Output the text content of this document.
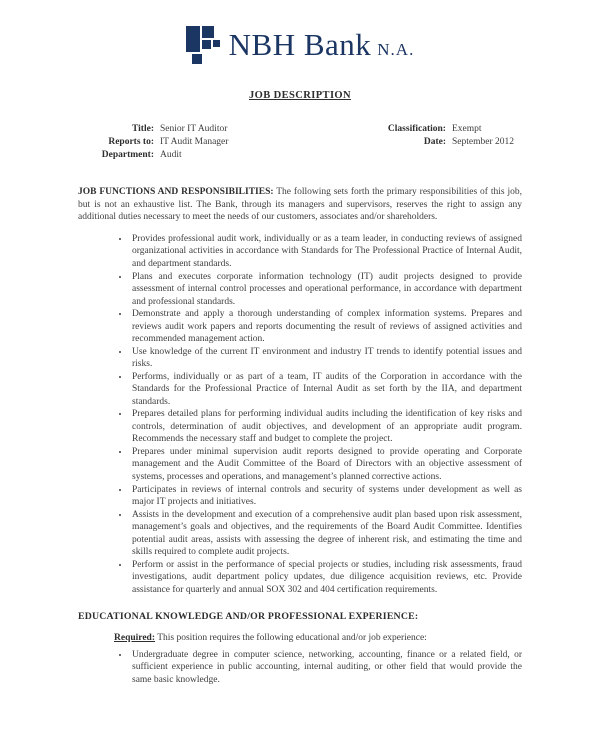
NBH Bank N.A.
JOB DESCRIPTION
Title: Senior IT Auditor
Reports to: IT Audit Manager
Department: Audit
Classification: Exempt
Date: September 2012

JOB FUNCTIONS AND RESPONSIBILITIES: The following sets forth the primary responsibilities of this job, but is not an exhaustive list. The Bank, through its managers and supervisors, reserves the right to assign any additional duties necessary to meet the needs of our customers, associates and/or shareholders.

• Provides professional audit work, individually or as a team leader, in conducting reviews of assigned organizational activities in accordance with Standards for The Professional Practice of Internal Audit, and department standards.
• Plans and executes corporate information technology (IT) audit projects designed to provide assessment of internal control processes and operational performance, in accordance with department and professional standards.
• Demonstrate and apply a thorough understanding of complex information systems. Prepares and reviews audit work papers and reports documenting the result of reviews of assigned activities and recommended management action.
• Use knowledge of the current IT environment and industry IT trends to identify potential issues and risks.
• Performs, individually or as part of a team, IT audits of the Corporation in accordance with the Standards for the Professional Practice of Internal Audit as set forth by the IIA, and department standards.
• Prepares detailed plans for performing individual audits including the identification of key risks and controls, determination of audit objectives, and development of an appropriate audit program. Recommends the necessary staff and budget to complete the project.
• Prepares under minimal supervision audit reports designed to provide operating and Corporate management and the Audit Committee of the Board of Directors with an objective assessment of systems, processes and operations, and management’s planned corrective actions.
• Participates in reviews of internal controls and security of systems under development as well as major IT projects and initiatives.
• Assists in the development and execution of a comprehensive audit plan based upon risk assessment, management’s goals and objectives, and the requirements of the Board Audit Committee. Identifies potential audit areas, assists with assessing the degree of inherent risk, and estimating the time and skills required to complete audit projects.
• Perform or assist in the performance of special projects or studies, including risk assessments, fraud investigations, audit department policy updates, due diligence acquisition reviews, etc. Provide assistance for quarterly and annual SOX 302 and 404 certification requirements.
EDUCATIONAL KNOWLEDGE AND/OR PROFESSIONAL EXPERIENCE:

Required: This position requires the following educational and/or job experience:

• Undergraduate degree in computer science, networking, accounting, finance or a related field, or sufficient experience in public accounting, internal auditing, or other field that would provide the same basic knowledge.
